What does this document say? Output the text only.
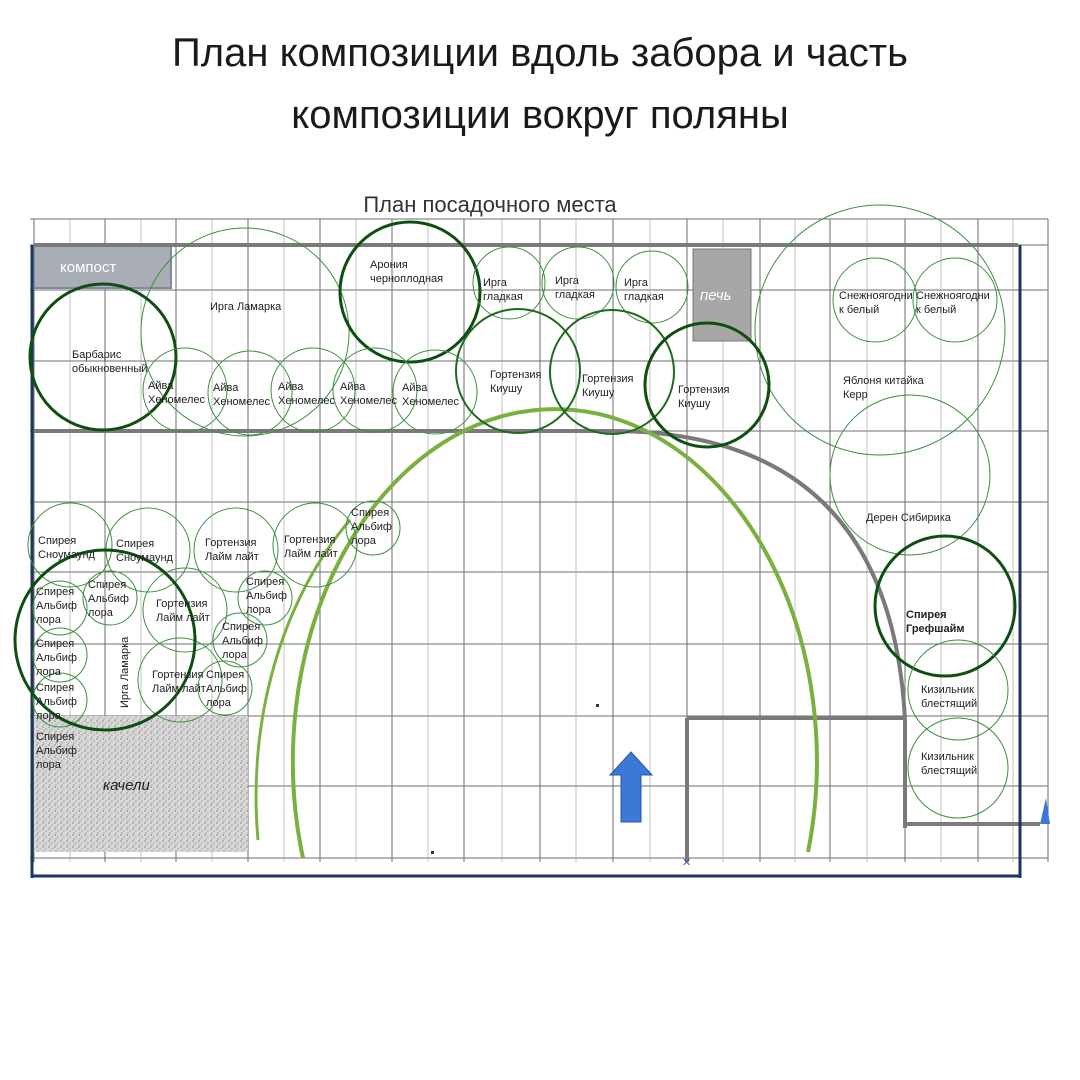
План композиции вдоль забора и часть
композиции вокруг поляны
План посадочного места
качели
компост
печь
Арония черноплодная
Ирга Ламарка
Барбарис обыкновенный
Ирга гладкая
Ирга гладкая
Ирга гладкая	Снежноягодни к белый
Снежноягодни к белый
Айва Хеномелес
Айва Хеномелес
Айва Хеномелес
Айва Хеномелес
Айва Хеномелес
Гортензия Киушу
Гортензия Киушу	Гортензия Киушу
Яблоня китайка Керр
Дерен Сибирика
Спирея Сноумаунд
Спирея Сноумаунд
Гортензия Лайм лайт
Гортензия Лайм лайт
Гортензия Лайм лайт
Гортензия Лайм лайт
Спирея Альбиф лора
Спирея Альбиф лора
Спирея Альбиф лора
Спирея Альбиф лора
Спирея Альбиф лора
Спирея Альбиф лора
Спирея Альбиф лора
Спирея Альбиф лора
Спирея Альбиф лора
Ирга Ламарка
Спирея Грефшайм
Кизильник блестящий
Кизильник блестящий
✕
